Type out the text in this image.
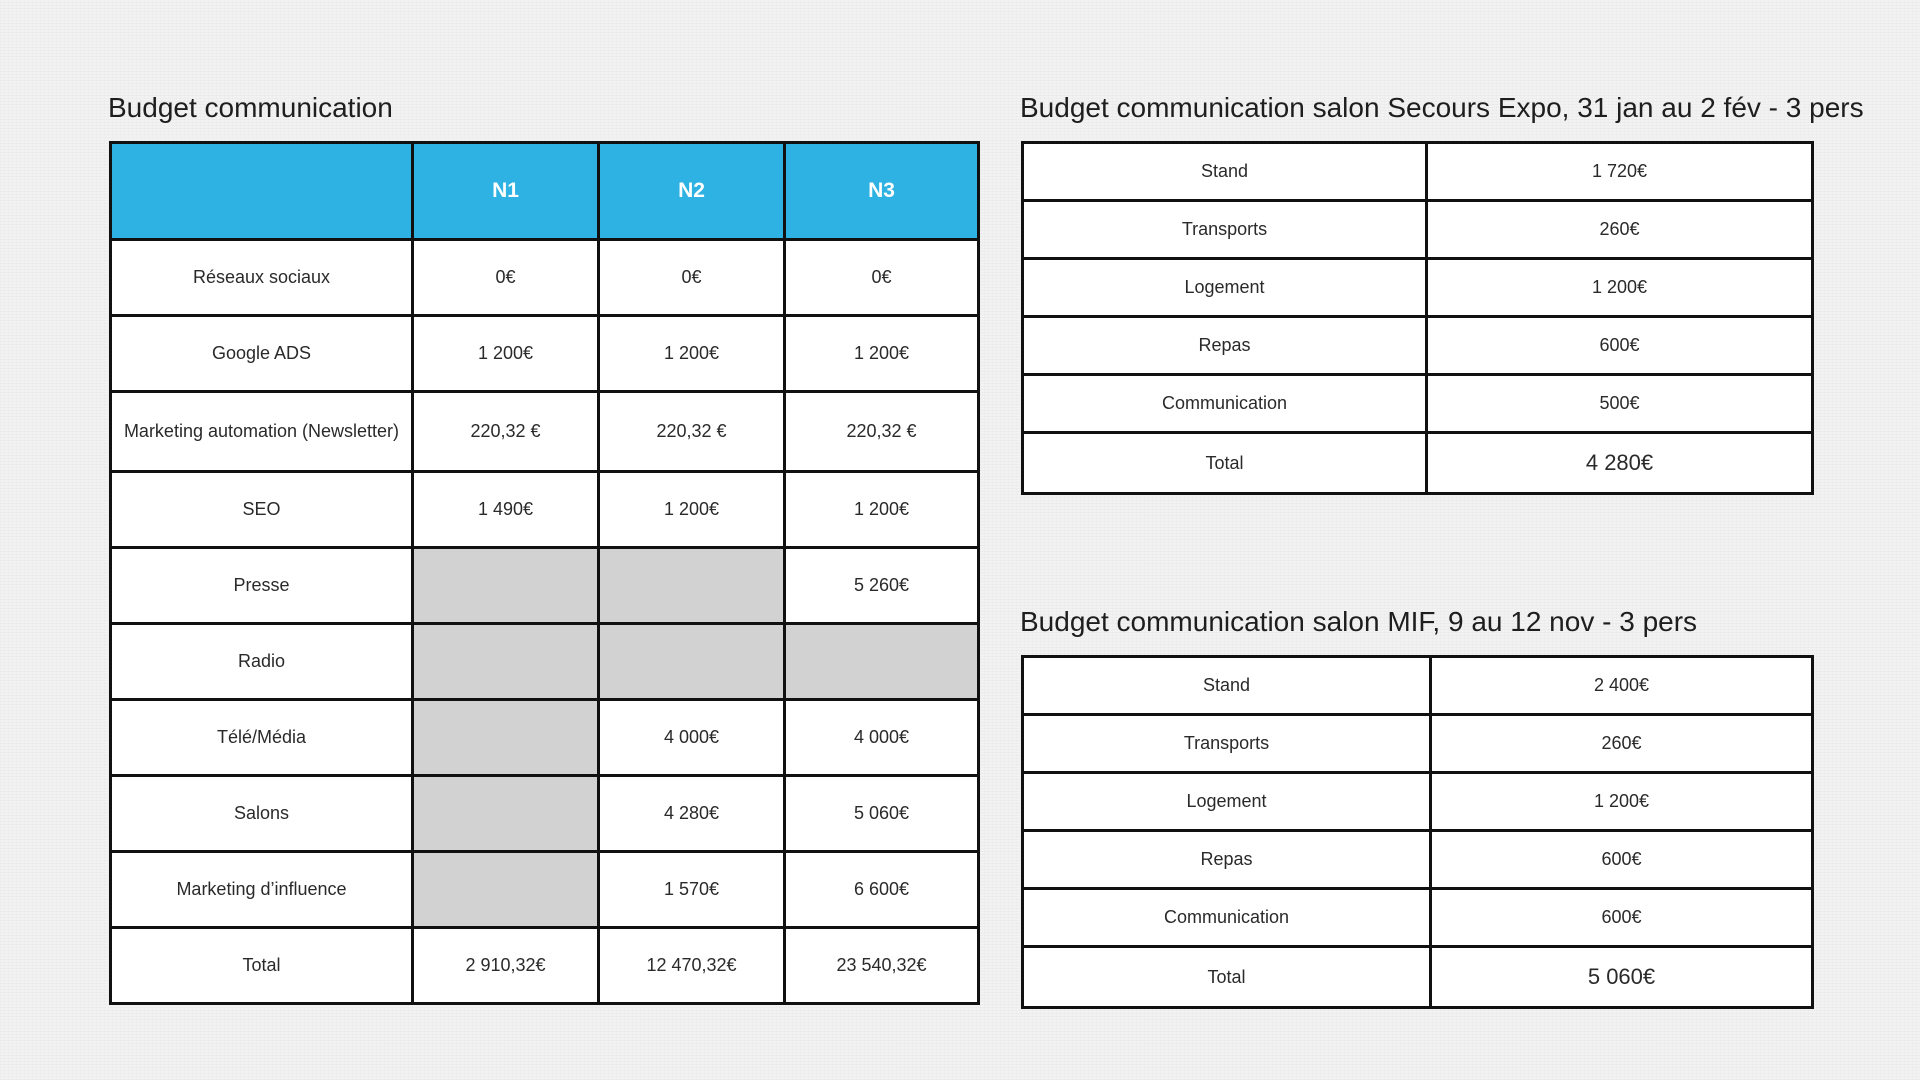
Budget communication
	N1	N2	N3
Réseaux sociaux	0€	0€	0€
Google ADS	1 200€	1 200€	1 200€
Marketing automation (Newsletter)	220,32 €	220,32 €	220,32 €
SEO	1 490€	1 200€	1 200€
Presse			5 260€
Radio			
Télé/Média		4 000€	4 000€
Salons		4 280€	5 060€
Marketing d’influence		1 570€	6 600€
Total	2 910,32€	12 470,32€	23 540,32€
Budget communication salon Secours Expo, 31 jan au 2 fév - 3 pers
Stand	1 720€
Transports	260€
Logement	1 200€
Repas	600€
Communication	500€
Total	4 280€
Budget communication salon MIF, 9 au 12 nov - 3 pers
Stand	2 400€
Transports	260€
Logement	1 200€
Repas	600€
Communication	600€
Total	5 060€
